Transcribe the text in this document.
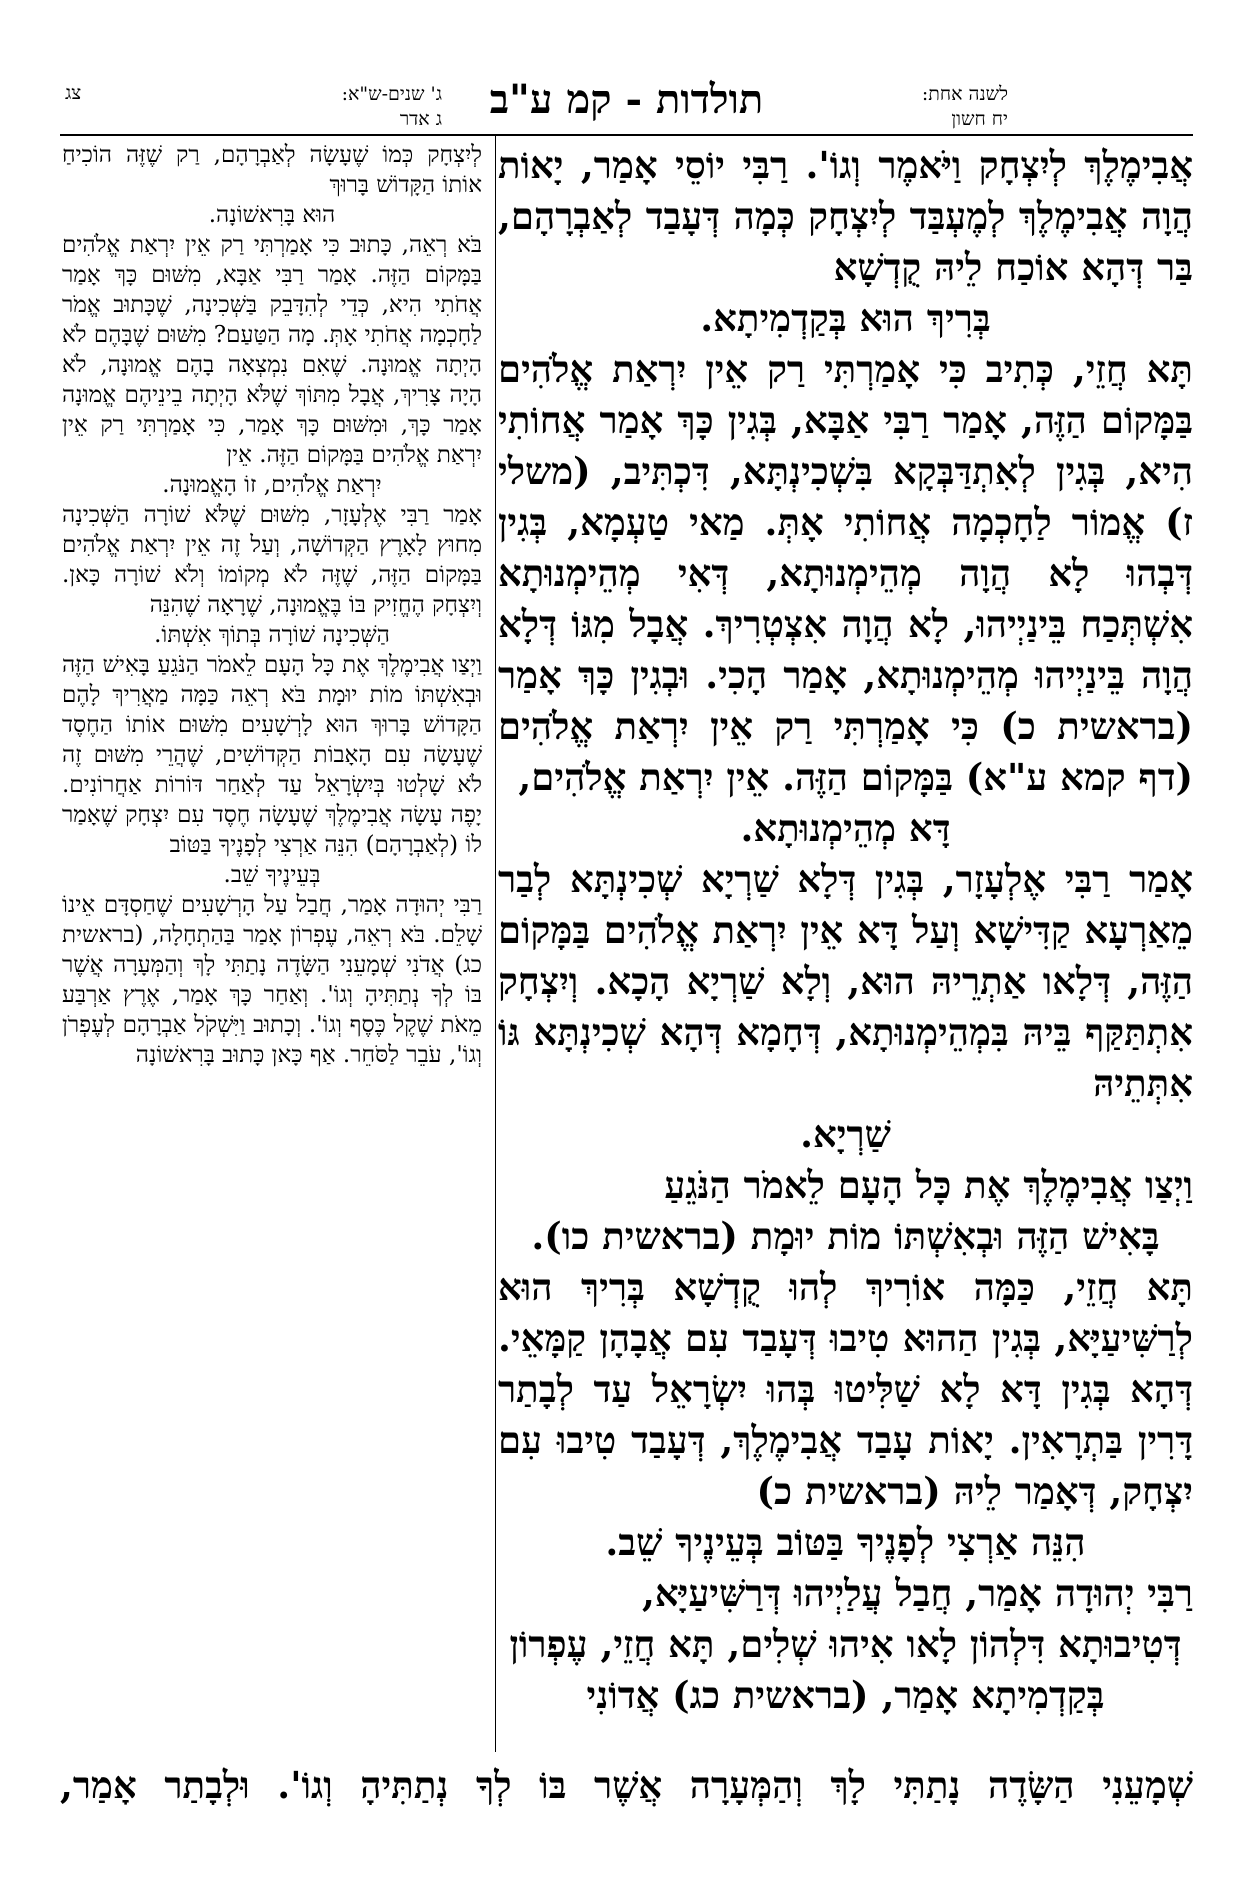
לשנה אחת:
יח חשון
תולדות - קמ ע"ב
ג' שנים-ש"א:
ג אדר
צג

אֲבִימֶלֶךְ לְיִצְחָק וַיֹּאמֶר וְגוֹ'. רַבִּי יוֹסֵי אָמַר, יָאוֹת הֲוָה אֲבִימֶלֶךְ לְמֶעְבַּד לְיִצְחָק כְּמָה דְּעָבַד לְאַבְרָהָם, בַּר דְּהָא אוֹכַח לֵיהּ קֻדְשָׁא

בְּרִיךְ הוּא בְּקַדְמִיתָא.

תָּא חֲזֵי, כְּתִיב כִּי אָמַרְתִּי רַק אֵין יִרְאַת אֱלֹהִים בַּמָּקוֹם הַזֶּה, אָמַר רַבִּי אַבָּא, בְּגִין כָּךְ אָמַר אֲחוֹתִי הִיא, בְּגִין לְאִתְדַּבְּקָא בִּשְׁכִינְתָּא, דִּכְתִּיב, (משלי ז) אֱמוֹר לַחָכְמָה אֲחוֹתִי אָתְּ. מַאי טַעְמָא, בְּגִין דְּבְהוּ לָא הֲוָה מְהֵימְנוּתָא, דְּאִי מְהֵימְנוּתָא אִשְׁתְּכַח בֵּינַיְיהוּ, לָא הֲוָה אִצְטְרִיךְ. אֲבָל מִגּוֹ דְּלָא הֲוָה בֵּינַיְיהוּ מְהֵימְנוּתָא, אָמַר הָכִי. וּבְגִין כָּךְ אָמַר (בראשית כ) כִּי אָמַרְתִּי רַק אֵין יִרְאַת אֱלֹהִים (דף קמא ע"א) בַּמָּקוֹם הַזֶּה. אֵין יִרְאַת אֱלֹהִים,

דָּא מְהֵימְנוּתָא.

אָמַר רַבִּי אֶלְעָזָר, בְּגִין דְּלָא שַׁרְיָא שְׁכִינְתָּא לְבַר מֵאַרְעָא קַדִּישָׁא וְעַל דָּא אֵין יִרְאַת אֱלֹהִים בַּמָּקוֹם הַזֶּה, דְּלָאו אַתְרֵיהּ הוּא, וְלָא שַׁרְיָא הָכָא. וְיִצְחָק אִתְתַּקַּף בֵּיהּ בִּמְהֵימְנוּתָא, דְּחָמָא דְּהָא שְׁכִינְתָּא גּוֹ אִתְּתֵיהּ

שַׁרְיָא.

וַיְצַו אֲבִימֶלֶךְ אֶת כָּל הָעָם לֵאמֹר הַנֹּגֵעַ

בָּאִישׁ הַזֶּה וּבְאִשְׁתּוֹ מוֹת יוּמָת (בראשית כו).

תָּא חֲזֵי, כַּמָּה אוֹרִיךְ לְהוּ קֻדְשָׁא בְּרִיךְ הוּא לְרַשִּׁיעַיָּא, בְּגִין הַהוּא טִיבוּ דְּעָבַד עִם אֲבָהָן קַמָּאֵי. דְּהָא בְּגִין דָּא לָא שַׁלִּיטוּ בְּהוּ יִשְׂרָאֵל עַד לְבָתַר דָּרִין בַּתְרָאִין. יָאוֹת עָבַד אֲבִימֶלֶךְ, דְּעָבַד טִיבוּ עִם יִצְחָק, דְּאָמַר לֵיהּ (בראשית כ)

הִנֵּה אַרְצִי לְפָנֶיךָ בַּטּוֹב בְּעֵינֶיךָ שֵׁב.

רַבִּי יְהוּדָה אָמַר, חֲבַל עֲלַיְיהוּ דְּרַשִּׁיעַיָּא,

דְּטִיבוּתָא דִּלְהוֹן לָאו אִיהוּ שְׁלִים, תָּא חֲזֵי, עֶפְרוֹן בְּקַדְמִיתָא אָמַר, (בראשית כג) אֲדוֹנִי

לְיִצְחָק כְּמוֹ שֶׁעָשָׂה לְאַבְרָהָם, רַק שֶׁזֶּה הוֹכִיחַ אוֹתוֹ הַקָּדוֹשׁ בָּרוּךְ

הוּא בָּרִאשׁוֹנָה.

בֹּא רְאֵה, כָּתוּב כִּי אָמַרְתִּי רַק אֵין יִרְאַת אֱלֹהִים בַּמָּקוֹם הַזֶּה. אָמַר רַבִּי אַבָּא, מִשּׁוּם כָּךְ אָמַר אֲחֹתִי הִיא, כְּדֵי לְהִדָּבֵק בַּשְּׁכִינָה, שֶׁכָּתוּב אֱמֹר לַחָכְמָה אֲחֹתִי אָתְּ. מָה הַטַּעַם? מִשּׁוּם שֶׁבָּהֶם לֹא הָיְתָה אֱמוּנָה. שֶׁאִם נִמְצְאָה בָהֶם אֱמוּנָה, לֹא הָיָה צָרִיךְ, אֲבָל מִתּוֹךְ שֶׁלֹּא הָיְתָה בֵינֵיהֶם אֱמוּנָה אָמַר כָּךְ, וּמִשּׁוּם כָּךְ אָמַר, כִּי אָמַרְתִּי רַק אֵין יִרְאַת אֱלֹהִים בַּמָּקוֹם הַזֶּה. אֵין

יִרְאַת אֱלֹהִים, זוֹ הָאֱמוּנָה.

אָמַר רַבִּי אֶלְעָזָר, מִשּׁוּם שֶׁלֹּא שׁוֹרָה הַשְּׁכִינָה מִחוּץ לָאָרֶץ הַקְּדוֹשָׁה, וְעַל זֶה אֵין יִרְאַת אֱלֹהִים בַּמָּקוֹם הַזֶּה, שֶׁזֶּה לֹא מְקוֹמוֹ וְלֹא שׁוֹרָה כָּאן. וְיִצְחָק הֶחֱזִיק בּוֹ בֶּאֱמוּנָה, שֶׁרָאָה שֶׁהִנֵּה

הַשְּׁכִינָה שׁוֹרָה בְּתוֹךְ אִשְׁתּוֹ.

וַיְצַו אֲבִימֶלֶךְ אֶת כָּל הָעָם לֵאמֹר הַנֹּגֵעַ בָּאִישׁ הַזֶּה וּבְאִשְׁתּוֹ מוֹת יוּמָת בֹּא רְאֵה כַּמָּה מַאֲרִיךְ לָהֶם הַקָּדוֹשׁ בָּרוּךְ הוּא לָרְשָׁעִים מִשּׁוּם אוֹתוֹ הַחֶסֶד שֶׁעָשָׂה עִם הָאָבוֹת הַקְּדוֹשִׁים, שֶׁהֲרֵי מִשּׁוּם זֶה לֹא שָׁלְטוּ בְּיִשְׂרָאֵל עַד לְאַחַר דּוֹרוֹת אַחֲרוֹנִים. יָפֶה עָשָׂה אֲבִימֶלֶךְ שֶׁעָשָׂה חֶסֶד עִם יִצְחָק שֶׁאָמַר לוֹ (לְאַבְרָהָם) הִנֵּה אַרְצִי לְפָנֶיךָ בַּטּוֹב

בְּעֵינֶיךָ שֵׁב.

רַבִּי יְהוּדָה אָמַר, חֲבַל עַל הָרְשָׁעִים שֶׁחַסְדָּם אֵינוֹ שָׁלֵם. בֹּא רְאֵה, עֶפְרוֹן אָמַר בַּהַתְחָלָה, (בראשית כג) אֲדֹנִי שְׁמָעֵנִי הַשָּׂדֶה נָתַתִּי לָךְ וְהַמְּעָרָה אֲשֶׁר בּוֹ לְךָ נְתַתִּיהָ וְגוֹ'. וְאַחַר כָּךְ אָמַר, אֶרֶץ אַרְבַּע מֵאֹת שֶׁקֶל כֶּסֶף וְגוֹ'. וְכָתוּב וַיִּשְׁקֹל אַבְרָהָם לְעֶפְרֹן וְגוֹ', עֹבֵר לַסֹּחֵר. אַף כָּאן כָּתוּב בָּרִאשׁוֹנָה

שְׁמָעֵנִי הַשָּׂדֶה נָתַתִּי לָךְ וְהַמְּעָרָה אֲשֶׁר בּוֹ לְךָ נְתַתִּיהָ וְגוֹ'. וּלְבָתַר אָמַר,
